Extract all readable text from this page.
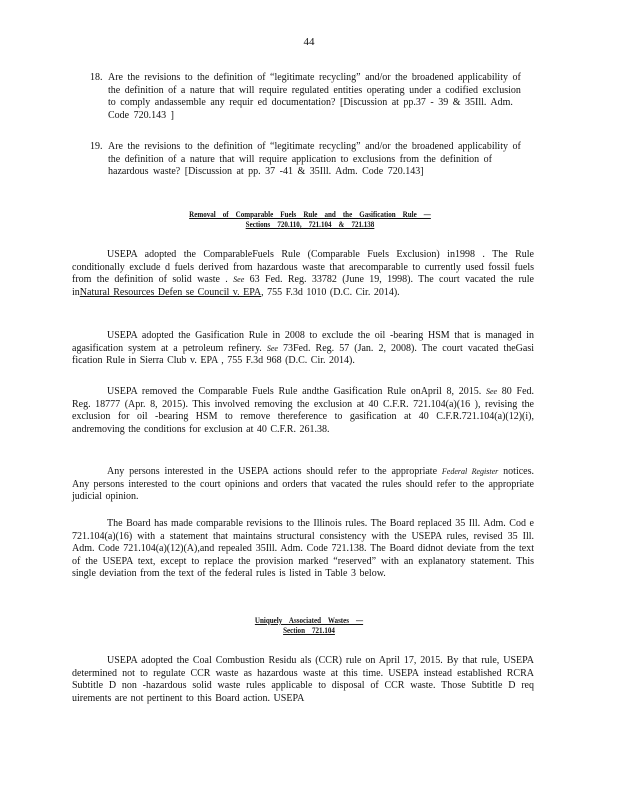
44
18. Are the revisions to the definition of “legitimate recycling” and/or the broadened applicability of the definition of a nature that will require regulated entities operating under a codified exclusion to comply andassemble any requir ed documentation? [Discussion at pp.37 - 39 & 35Ill. Adm. Code 720.143 ]
19. Are the revisions to the definition of “legitimate recycling” and/or the broadened applicability of the definition of a nature that will require application to exclusions from the definition of hazardous waste? [Discussion at pp. 37 -41 & 35Ill. Adm. Code 720.143]
Removal of Comparable Fuels Rule and the Gasification Rule —
Sections 720.110, 721.104 & 721.138
USEPA adopted the ComparableFuels Rule (Comparable Fuels Exclusion) in1998 . The Rule conditionally exclude d fuels derived from hazardous waste that arecomparable to currently used fossil fuels from the definition of solid waste . See 63 Fed. Reg. 33782 (June 19, 1998). The court vacated the rule inNatural Resources Defen se Council v. EPA, 755 F.3d 1010 (D.C. Cir. 2014).
USEPA adopted the Gasification Rule in 2008 to exclude the oil -bearing HSM that is managed in agasification system at a petroleum refinery. See 73Fed. Reg. 57 (Jan. 2, 2008). The court vacated theGasi fication Rule in Sierra Club v. EPA , 755 F.3d 968 (D.C. Cir. 2014).
USEPA removed the Comparable Fuels Rule andthe Gasification Rule onApril 8, 2015. See 80 Fed. Reg. 18777 (Apr. 8, 2015). This involved removing the exclusion at 40 C.F.R. 721.104(a)(16 ), revising the exclusion for oil -bearing HSM to remove thereference to gasification at 40 C.F.R.721.104(a)(12)(i), andremoving the conditions for exclusion at 40 C.F.R. 261.38.
Any persons interested in the USEPA actions should refer to the appropriate Federal Register notices. Any persons interested to the court opinions and orders that vacated the rules should refer to the appropriate judicial opinion.
The Board has made comparable revisions to the Illinois rules. The Board replaced 35 Ill. Adm. Cod e 721.104(a)(16) with a statement that maintains structural consistency with the USEPA rules, revised 35 Ill. Adm. Code 721.104(a)(12)(A),and repealed 35Ill. Adm. Code 721.138. The Board didnot deviate from the text of the USEPA text, except to replace the provision marked “reserved” with an explanatory statement. This single deviation from the text of the federal rules is listed in Table 3 below.
Uniquely Associated Wastes —
Section 721.104
USEPA adopted the Coal Combustion Residu als (CCR) rule on April 17, 2015. By that rule, USEPA determined not to regulate CCR waste as hazardous waste at this time. USEPA instead established RCRA Subtitle D non -hazardous solid waste rules applicable to disposal of CCR waste. Those Subtitle D req uirements are not pertinent to this Board action. USEPA
